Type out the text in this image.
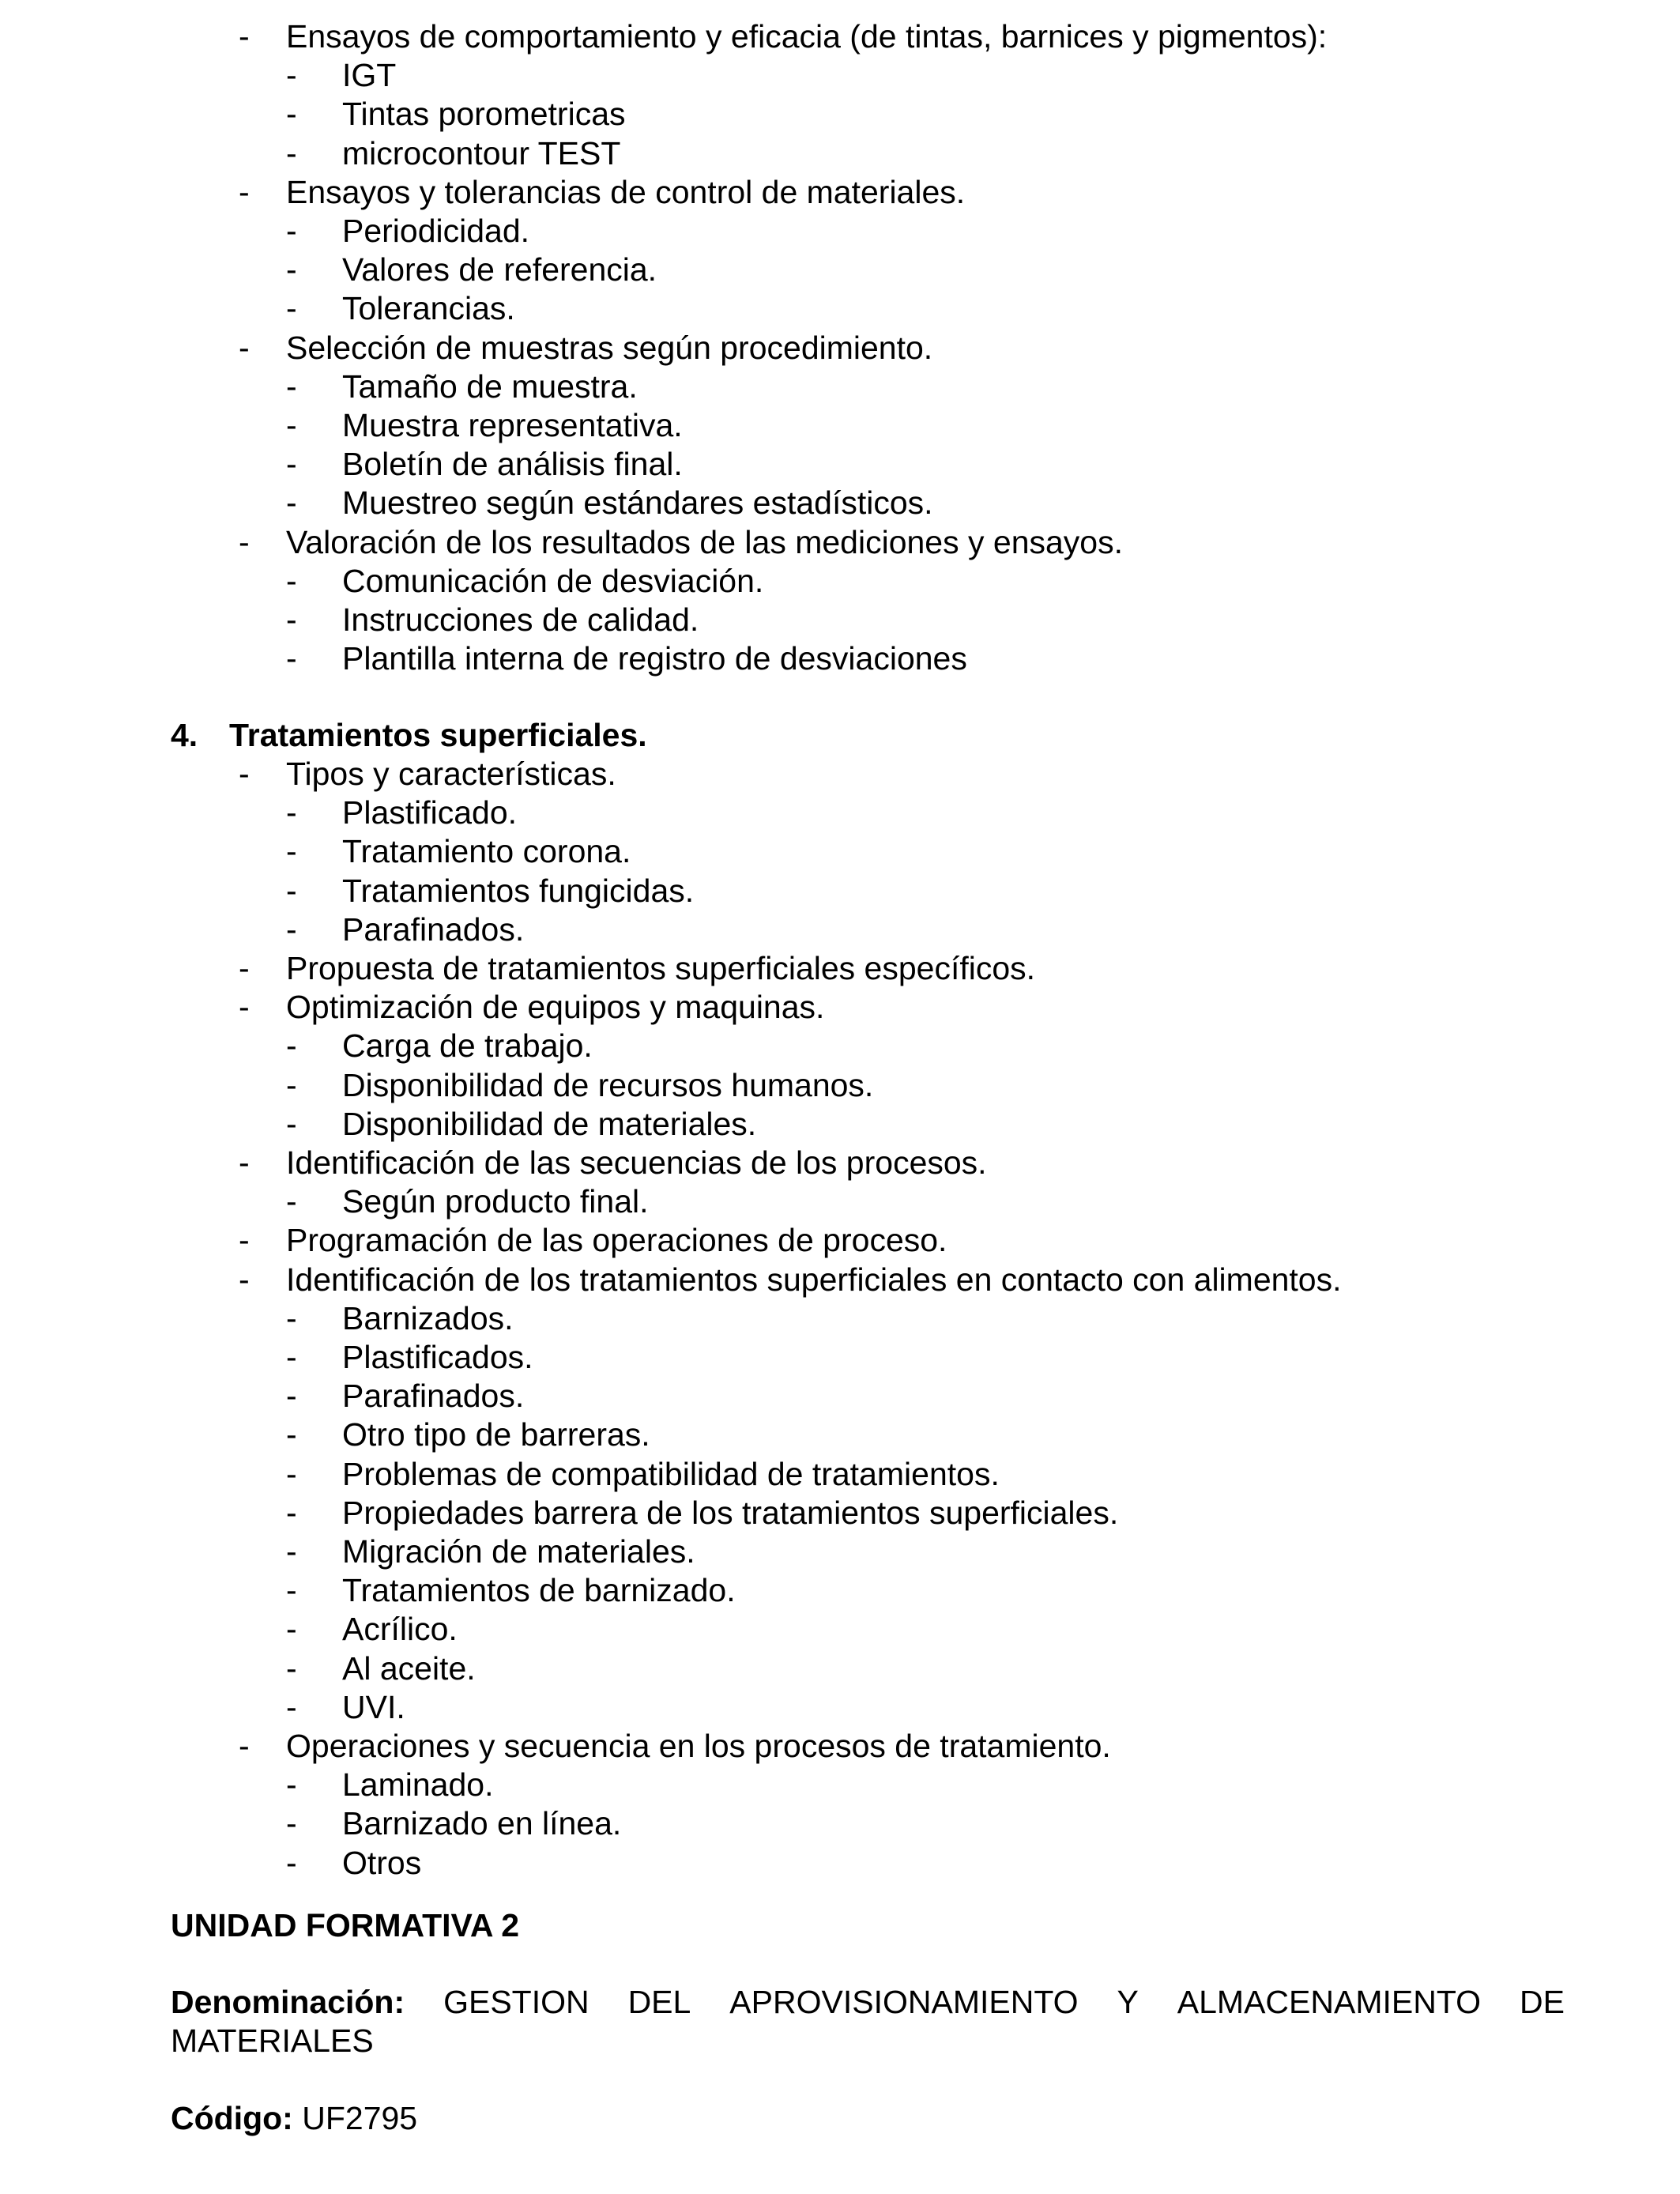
- Ensayos de comportamiento y eficacia (de tintas, barnices y pigmentos):
- IGT
- Tintas porometricas
- microcontour TEST
- Ensayos y tolerancias de control de materiales.
- Periodicidad.
- Valores de referencia.
- Tolerancias.
- Selección de muestras según procedimiento.
- Tamaño de muestra.
- Muestra representativa.
- Boletín de análisis final.
- Muestreo según estándares estadísticos.
- Valoración de los resultados de las mediciones y ensayos.
- Comunicación de desviación.
- Instrucciones de calidad.
- Plantilla interna de registro de desviaciones
4. Tratamientos superficiales.
- Tipos y características.
- Plastificado.
- Tratamiento corona.
- Tratamientos fungicidas.
- Parafinados.
- Propuesta de tratamientos superficiales específicos.
- Optimización de equipos y maquinas.
- Carga de trabajo.
- Disponibilidad de recursos humanos.
- Disponibilidad de materiales.
- Identificación de las secuencias de los procesos.
- Según producto final.
- Programación de las operaciones de proceso.
- Identificación de los tratamientos superficiales en contacto con alimentos.
- Barnizados.
- Plastificados.
- Parafinados.
- Otro tipo de barreras.
- Problemas de compatibilidad de tratamientos.
- Propiedades barrera de los tratamientos superficiales.
- Migración de materiales.
- Tratamientos de barnizado.
- Acrílico.
- Al aceite.
- UVI.
- Operaciones y secuencia en los procesos de tratamiento.
- Laminado.
- Barnizado en línea.
- Otros
UNIDAD FORMATIVA 2
Denominación: GESTION DEL APROVISIONAMIENTO Y ALMACENAMIENTO DE
MATERIALES
Código: UF2795
